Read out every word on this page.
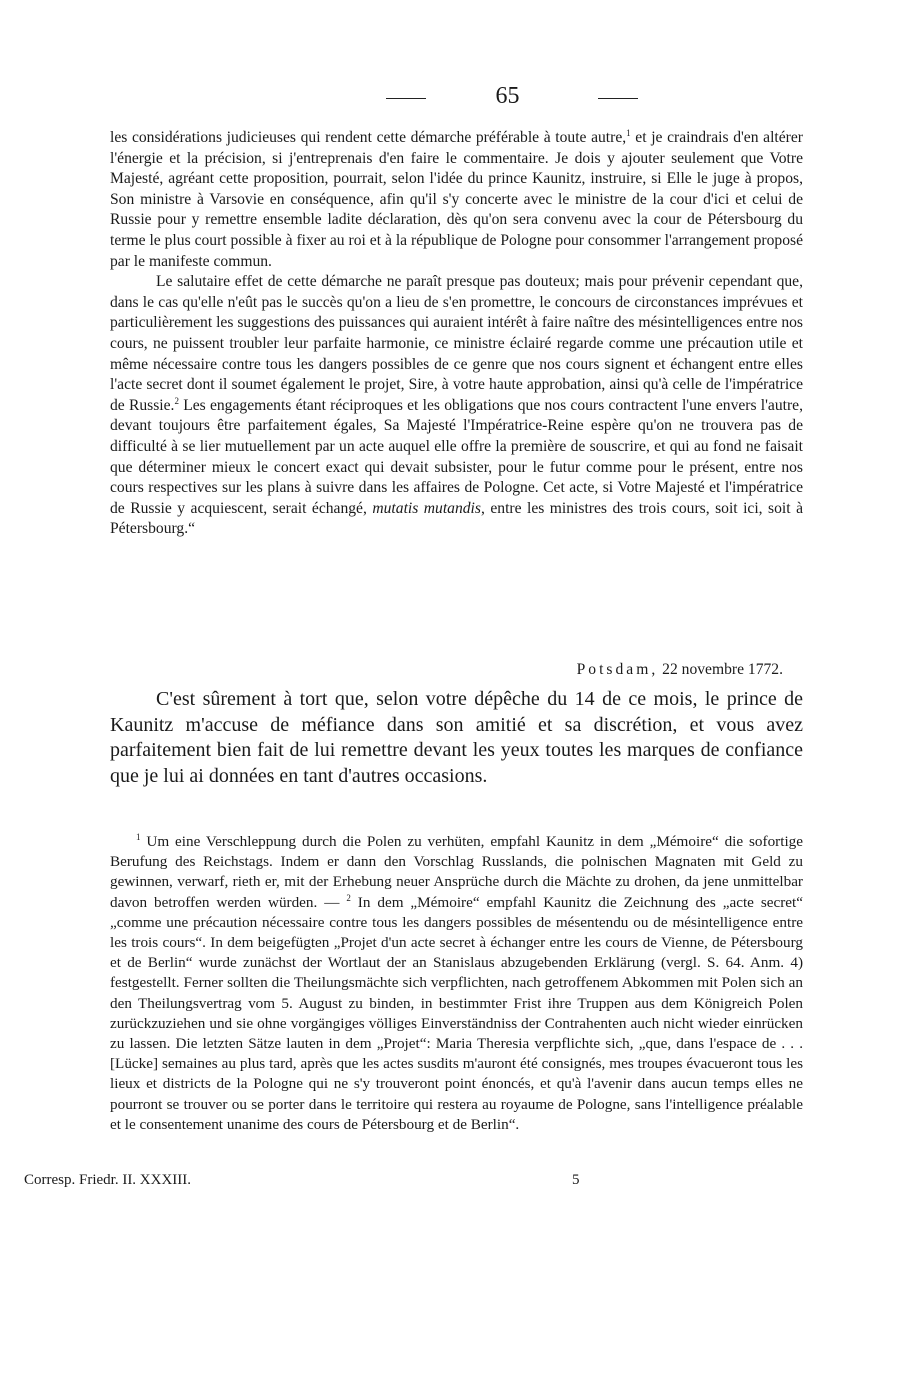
65

les considérations judicieuses qui rendent cette démarche préférable à toute autre,$^1$ et je craindrais d'en altérer l'énergie et la précision, si j'entreprenais d'en faire le commentaire. Je dois y ajouter seulement que Votre Majesté, agréant cette proposition, pourrait, selon l'idée du prince Kaunitz, instruire, si Elle le juge à propos, Son ministre à Varsovie en conséquence, afin qu'il s'y concerte avec le ministre de la cour d'ici et celui de Russie pour y remettre ensemble ladite déclaration, dès qu'on sera convenu avec la cour de Pétersbourg du terme le plus court possible à fixer au roi et à la république de Pologne pour consommer l'arrangement proposé par le manifeste commun.

Le salutaire effet de cette démarche ne paraît presque pas douteux; mais pour prévenir cependant que, dans le cas qu'elle n'eût pas le succès qu'on a lieu de s'en promettre, le concours de circonstances imprévues et particulièrement les suggestions des puissances qui auraient intérêt à faire naître des mésintelligences entre nos cours, ne puissent troubler leur parfaite harmonie, ce ministre éclairé regarde comme une précaution utile et même nécessaire contre tous les dangers possibles de ce genre que nos cours signent et échangent entre elles l'acte secret dont il soumet également le projet, Sire, à votre haute approbation, ainsi qu'à celle de l'impératrice de Russie.$^2$ Les engagements étant réciproques et les obligations que nos cours contractent l'une envers l'autre, devant toujours être parfaitement égales, Sa Majesté l'Impératrice-Reine espère qu'on ne trouvera pas de difficulté à se lier mutuellement par un acte auquel elle offre la première de souscrire, et qui au fond ne faisait que déterminer mieux le concert exact qui devait subsister, pour le futur comme pour le présent, entre nos cours respectives sur les plans à suivre dans les affaires de Pologne. Cet acte, si Votre Majesté et l'impératrice de Russie y acquiescent, serait échangé, mutatis mutandis, entre les ministres des trois cours, soit ici, soit à Pétersbourg.“

Potsdam, 22 novembre 1772.

C'est sûrement à tort que, selon votre dépêche du 14 de ce mois, le prince de Kaunitz m'accuse de méfiance dans son amitié et sa discrétion, et vous avez parfaitement bien fait de lui remettre devant les yeux toutes les marques de confiance que je lui ai données en tant d'autres occasions.

$^1$ Um eine Verschleppung durch die Polen zu verhüten, empfahl Kaunitz in dem „Mémoire“ die sofortige Berufung des Reichstags. Indem er dann den Vorschlag Russlands, die polnischen Magnaten mit Geld zu gewinnen, verwarf, rieth er, mit der Erhebung neuer Ansprüche durch die Mächte zu drohen, da jene unmittelbar davon betroffen werden würden. — $^2$ In dem „Mémoire“ empfahl Kaunitz die Zeichnung des „acte secret“ „comme une précaution nécessaire contre tous les dangers possibles de mésentendu ou de mésintelligence entre les trois cours“. In dem beigefügten „Projet d'un acte secret à échanger entre les cours de Vienne, de Pétersbourg et de Berlin“ wurde zunächst der Wortlaut der an Stanislaus abzugebenden Erklärung (vergl. S. 64. Anm. 4) festgestellt. Ferner sollten die Theilungsmächte sich verpflichten, nach getroffenem Abkommen mit Polen sich an den Theilungsvertrag vom 5. August zu binden, in bestimmter Frist ihre Truppen aus dem Königreich Polen zurückzuziehen und sie ohne vorgängiges völliges Einverständniss der Contrahenten auch nicht wieder einrücken zu lassen. Die letzten Sätze lauten in dem „Projet“: Maria Theresia verpflichte sich, „que, dans l'espace de . . . [Lücke] semaines au plus tard, après que les actes susdits m'auront été consignés, mes troupes évacueront tous les lieux et districts de la Pologne qui ne s'y trouveront point énoncés, et qu'à l'avenir dans aucun temps elles ne pourront se trouver ou se porter dans le territoire qui restera au royaume de Pologne, sans l'intelligence préalable et le consentement unanime des cours de Pétersbourg et de Berlin“.

Corresp. Friedr. II. XXXIII.	5
